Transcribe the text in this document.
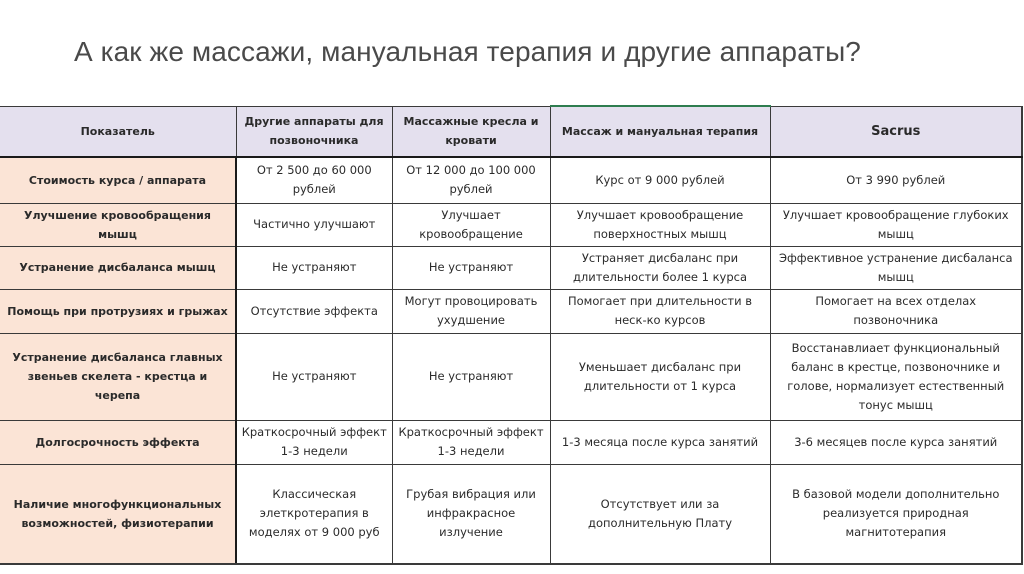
А как же массажи, мануальная терапия и другие аппараты?
Показатель	Другие аппараты для позвоночника	Массажные кресла и кровати	Массаж и мануальная терапия	Sacrus
Стоимость курса / аппарата	От 2 500 до 60 000 рублей	От 12 000 до 100 000 рублей	Курс от 9 000 рублей	От 3 990 рублей
Улучшение кровообращения мышц	Частично улучшают	Улучшает кровообращение	Улучшает кровообращение поверхностных мышц	Улучшает кровообращение глубоких мышц
Устранение дисбаланса мышц	Не устраняют	Не устраняют	Устраняет дисбаланс при длительности более 1 курса	Эффективное устранение дисбаланса мышц
Помощь при протрузиях и грыжах	Отсутствие эффекта	Могут провоцировать ухудшение	Помогает при длительности в неск-ко курсов	Помогает на всех отделах позвоночника
Устранение дисбаланса главных звеньев скелета - крестца и черепа	Не устраняют	Не устраняют	Уменьшает дисбаланс при длительности от 1 курса	Восстанавлиает функциональный баланс в крестце, позвоночнике и голове, нормализует естественный тонус мышц
Долгосрочность эффекта	Краткосрочный эффект 1-3 недели	Краткосрочный эффект 1-3 недели	1-3 месяца после курса занятий	3-6 месяцев после курса занятий
Наличие многофункциональных возможностей, физиотерапии	Классическая элеткротерапия в моделях от 9 000 руб	Грубая вибрация или инфракрасное излучение	Отсутствует или за дополнительную Плату	В базовой модели дополнительно реализуется природная магнитотерапия
